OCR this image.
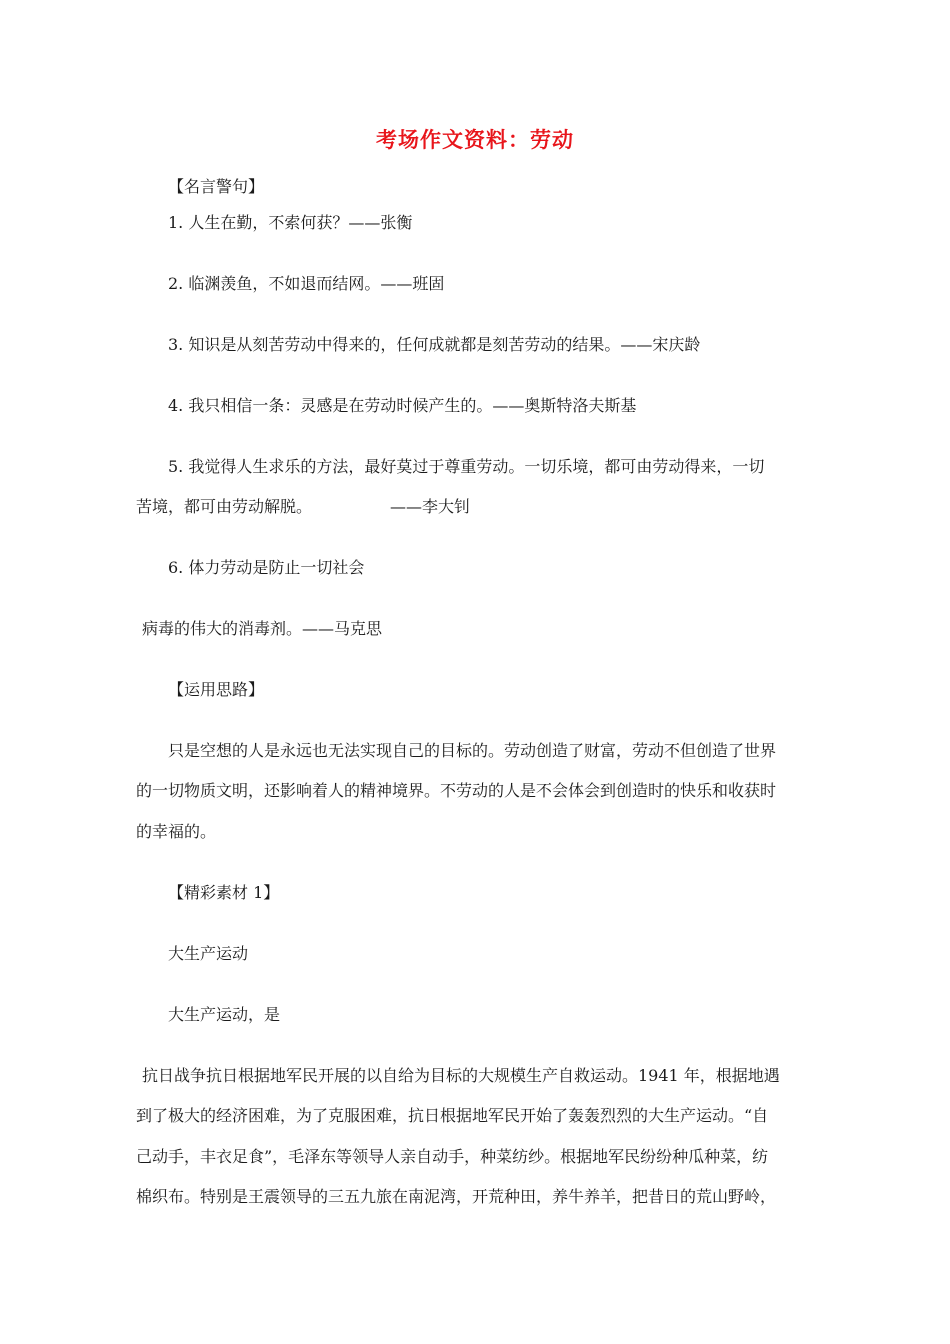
考场作文资料：劳动
【名言警句】
1. 人生在勤，不索何获？——张衡
2. 临渊羡鱼，不如退而结网。——班固
3. 知识是从刻苦劳动中得来的，任何成就都是刻苦劳动的结果。——宋庆龄
4. 我只相信一条：灵感是在劳动时候产生的。——奥斯特洛夫斯基
5. 我觉得人生求乐的方法，最好莫过于尊重劳动。一切乐境，都可由劳动得来，一切
苦境，都可由劳动解脱。	——李大钊
6. 体力劳动是防止一切社会
病毒的伟大的消毒剂。——马克思
【运用思路】
只是空想的人是永远也无法实现自己的目标的。劳动创造了财富，劳动不但创造了世界
的一切物质文明，还影响着人的精神境界。不劳动的人是不会体会到创造时的快乐和收获时
的幸福的。
【精彩素材 1】
大生产运动
大生产运动，是
抗日战争抗日根据地军民开展的以自给为目标的大规模生产自救运动。1941 年，根据地遇
到了极大的经济困难，为了克服困难，抗日根据地军民开始了轰轰烈烈的大生产运动。“自
己动手，丰衣足食”，毛泽东等领导人亲自动手，种菜纺纱。根据地军民纷纷种瓜种菜，纺
棉织布。特别是王震领导的三五九旅在南泥湾，开荒种田，养牛养羊，把昔日的荒山野岭，
